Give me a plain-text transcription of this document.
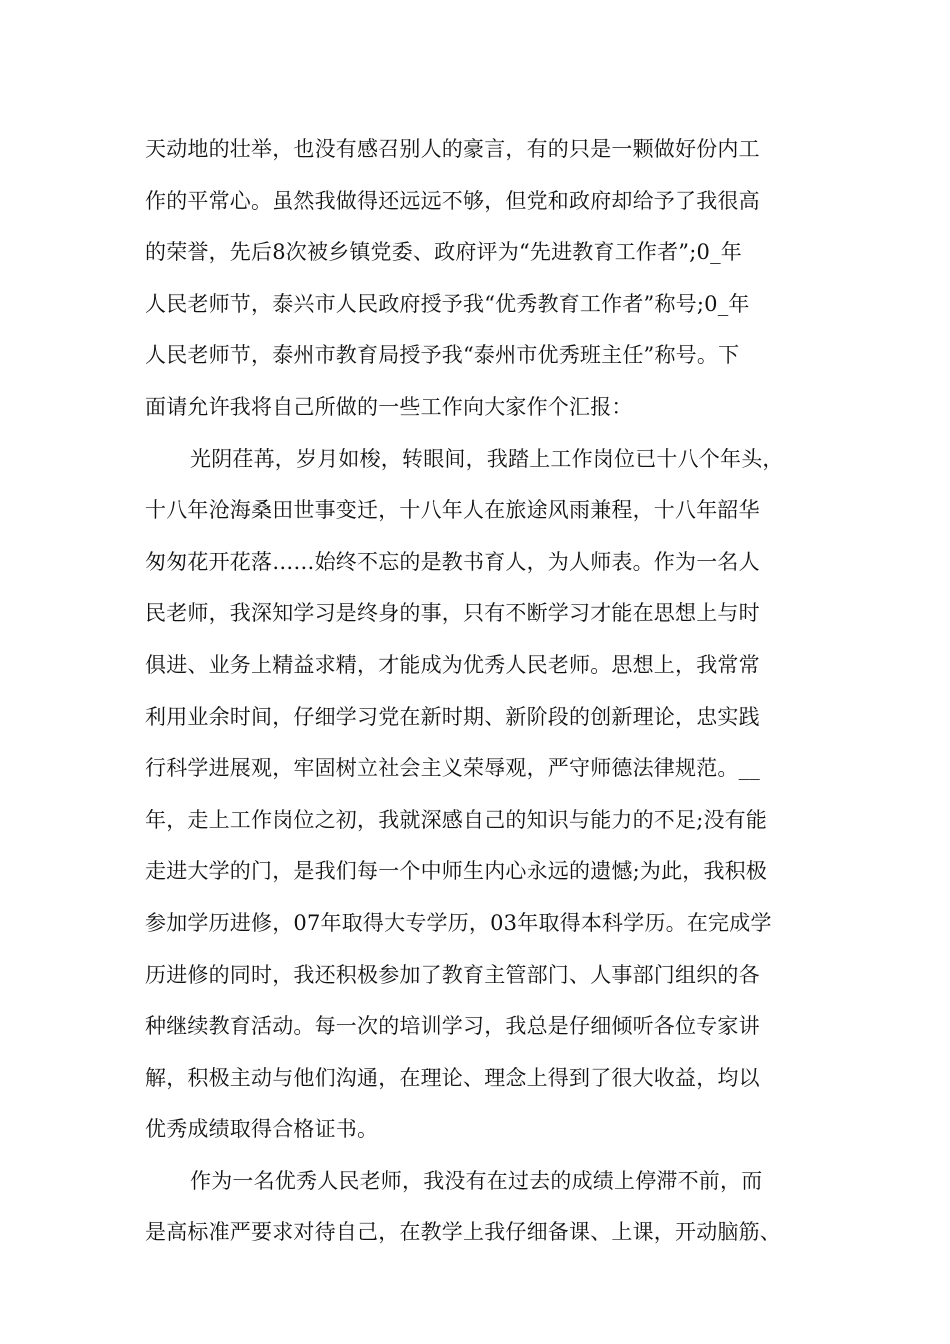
天动地的壮举，也没有感召别人的豪言，有的只是一颗做好份内工
作的平常心。虽然我做得还远远不够，但党和政府却给予了我很高
的荣誉，先后8次被乡镇党委、政府评为“先进教育工作者”;0_年
人民老师节，泰兴市人民政府授予我“优秀教育工作者”称号;0_年
人民老师节，泰州市教育局授予我“泰州市优秀班主任”称号。下
面请允许我将自己所做的一些工作向大家作个汇报：
光阴荏苒，岁月如梭，转眼间，我踏上工作岗位已十八个年头，
十八年沧海桑田世事变迁，十八年人在旅途风雨兼程，十八年韶华
匆匆花开花落……始终不忘的是教书育人，为人师表。作为一名人
民老师，我深知学习是终身的事，只有不断学习才能在思想上与时
俱进、业务上精益求精，才能成为优秀人民老师。思想上，我常常
利用业余时间，仔细学习党在新时期、新阶段的创新理论，忠实践
行科学进展观，牢固树立社会主义荣辱观，严守师德法律规范。__
年，走上工作岗位之初，我就深感自己的知识与能力的不足;没有能
走进大学的门，是我们每一个中师生内心永远的遗憾;为此，我积极
参加学历进修，07年取得大专学历，03年取得本科学历。在完成学
历进修的同时，我还积极参加了教育主管部门、人事部门组织的各
种继续教育活动。每一次的培训学习，我总是仔细倾听各位专家讲
解，积极主动与他们沟通，在理论、理念上得到了很大收益，均以
优秀成绩取得合格证书。
作为一名优秀人民老师，我没有在过去的成绩上停滞不前，而
是高标准严要求对待自己，在教学上我仔细备课、上课，开动脑筋、
